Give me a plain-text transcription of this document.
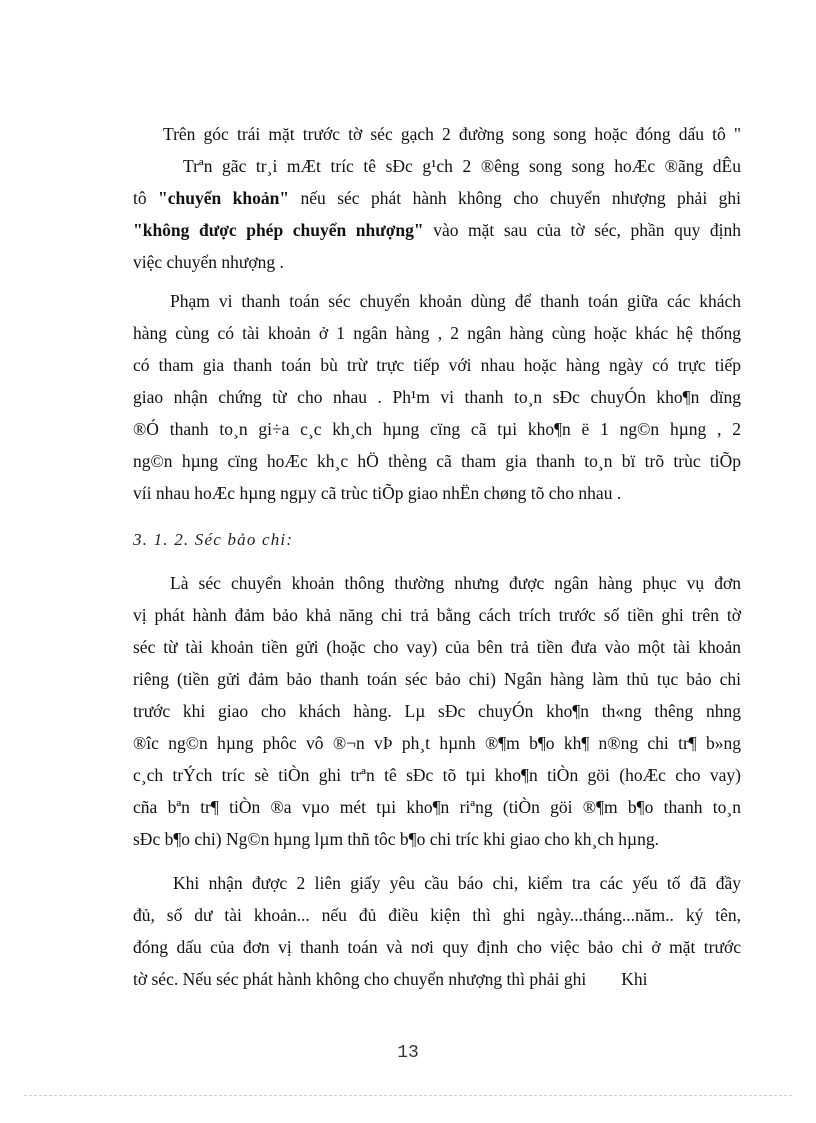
Trên góc trái mặt trước tờ séc gạch 2 đường song song hoặc đóng dấu tô "
Trªn gãc tr¸i mÆt tríc tê sÐc g¹ch 2 ®êng song song hoÆc ®ãng dÊu
tô "chuyển khoản" nếu séc phát hành không cho chuyển nhượng phải ghi
"không được phép chuyển nhượng" vào mặt sau của tờ séc, phần quy định
việc chuyển nhượng .
Phạm vi thanh toán séc chuyển khoản dùng để thanh toán giữa các khách
hàng cùng có tài khoản ở 1 ngân hàng , 2 ngân hàng cùng hoặc khác hệ thống
có tham gia thanh toán bù trừ trực tiếp với nhau hoặc hàng ngày có trực tiếp
giao nhận chứng từ cho nhau . Ph¹m vi thanh to¸n sÐc chuyÓn kho¶n dïng
®Ó thanh to¸n gi÷a c¸c kh¸ch hµng cïng cã tµi kho¶n ë 1 ng©n hµng , 2
ng©n hµng cïng hoÆc kh¸c hÖ thèng cã tham gia thanh to¸n bï trõ trùc tiÕp
víi nhau hoÆc hµng ngµy cã trùc tiÕp giao nhËn chøng tõ cho nhau .
3. 1. 2. Séc bảo chi:
Là séc chuyển khoản thông thường nhưng được ngân hàng phục vụ đơn
vị phát hành đảm bảo khả năng chi trả bằng cách trích trước số tiền ghi trên tờ
séc từ tài khoản tiền gửi (hoặc cho vay) của bên trả tiền đưa vào một tài khoản
riêng (tiền gửi đảm bảo thanh toán séc bảo chi) Ngân hàng làm thủ tục bảo chi
trước khi giao cho khách hàng. Lµ sÐc chuyÓn kho¶n th«ng thêng nhng
®îc ng©n hµng phôc vô ®¬n vÞ ph¸t hµnh ®¶m b¶o kh¶ n®ng chi tr¶ b»ng
c¸ch trÝch tríc sè tiÒn ghi trªn tê sÐc tõ tµi kho¶n tiÒn göi (hoÆc cho vay)
cña bªn tr¶ tiÒn ®a vµo mét tµi kho¶n riªng (tiÒn göi ®¶m b¶o thanh to¸n
sÐc b¶o chi) Ng©n hµng lµm thñ tôc b¶o chi tríc khi giao cho kh¸ch hµng.
Khi nhận được 2 liên giấy yêu cầu báo chi, kiểm tra các yếu tố đã đầy
đủ, số dư tài khoản... nếu đủ điều kiện thì ghi ngày...tháng...năm.. ký tên,
đóng dấu của đơn vị thanh toán và nơi quy định cho việc bảo chi ở mặt trước
tờ séc. Nếu séc phát hành không cho chuyển nhượng thì phải ghi        Khi
13
